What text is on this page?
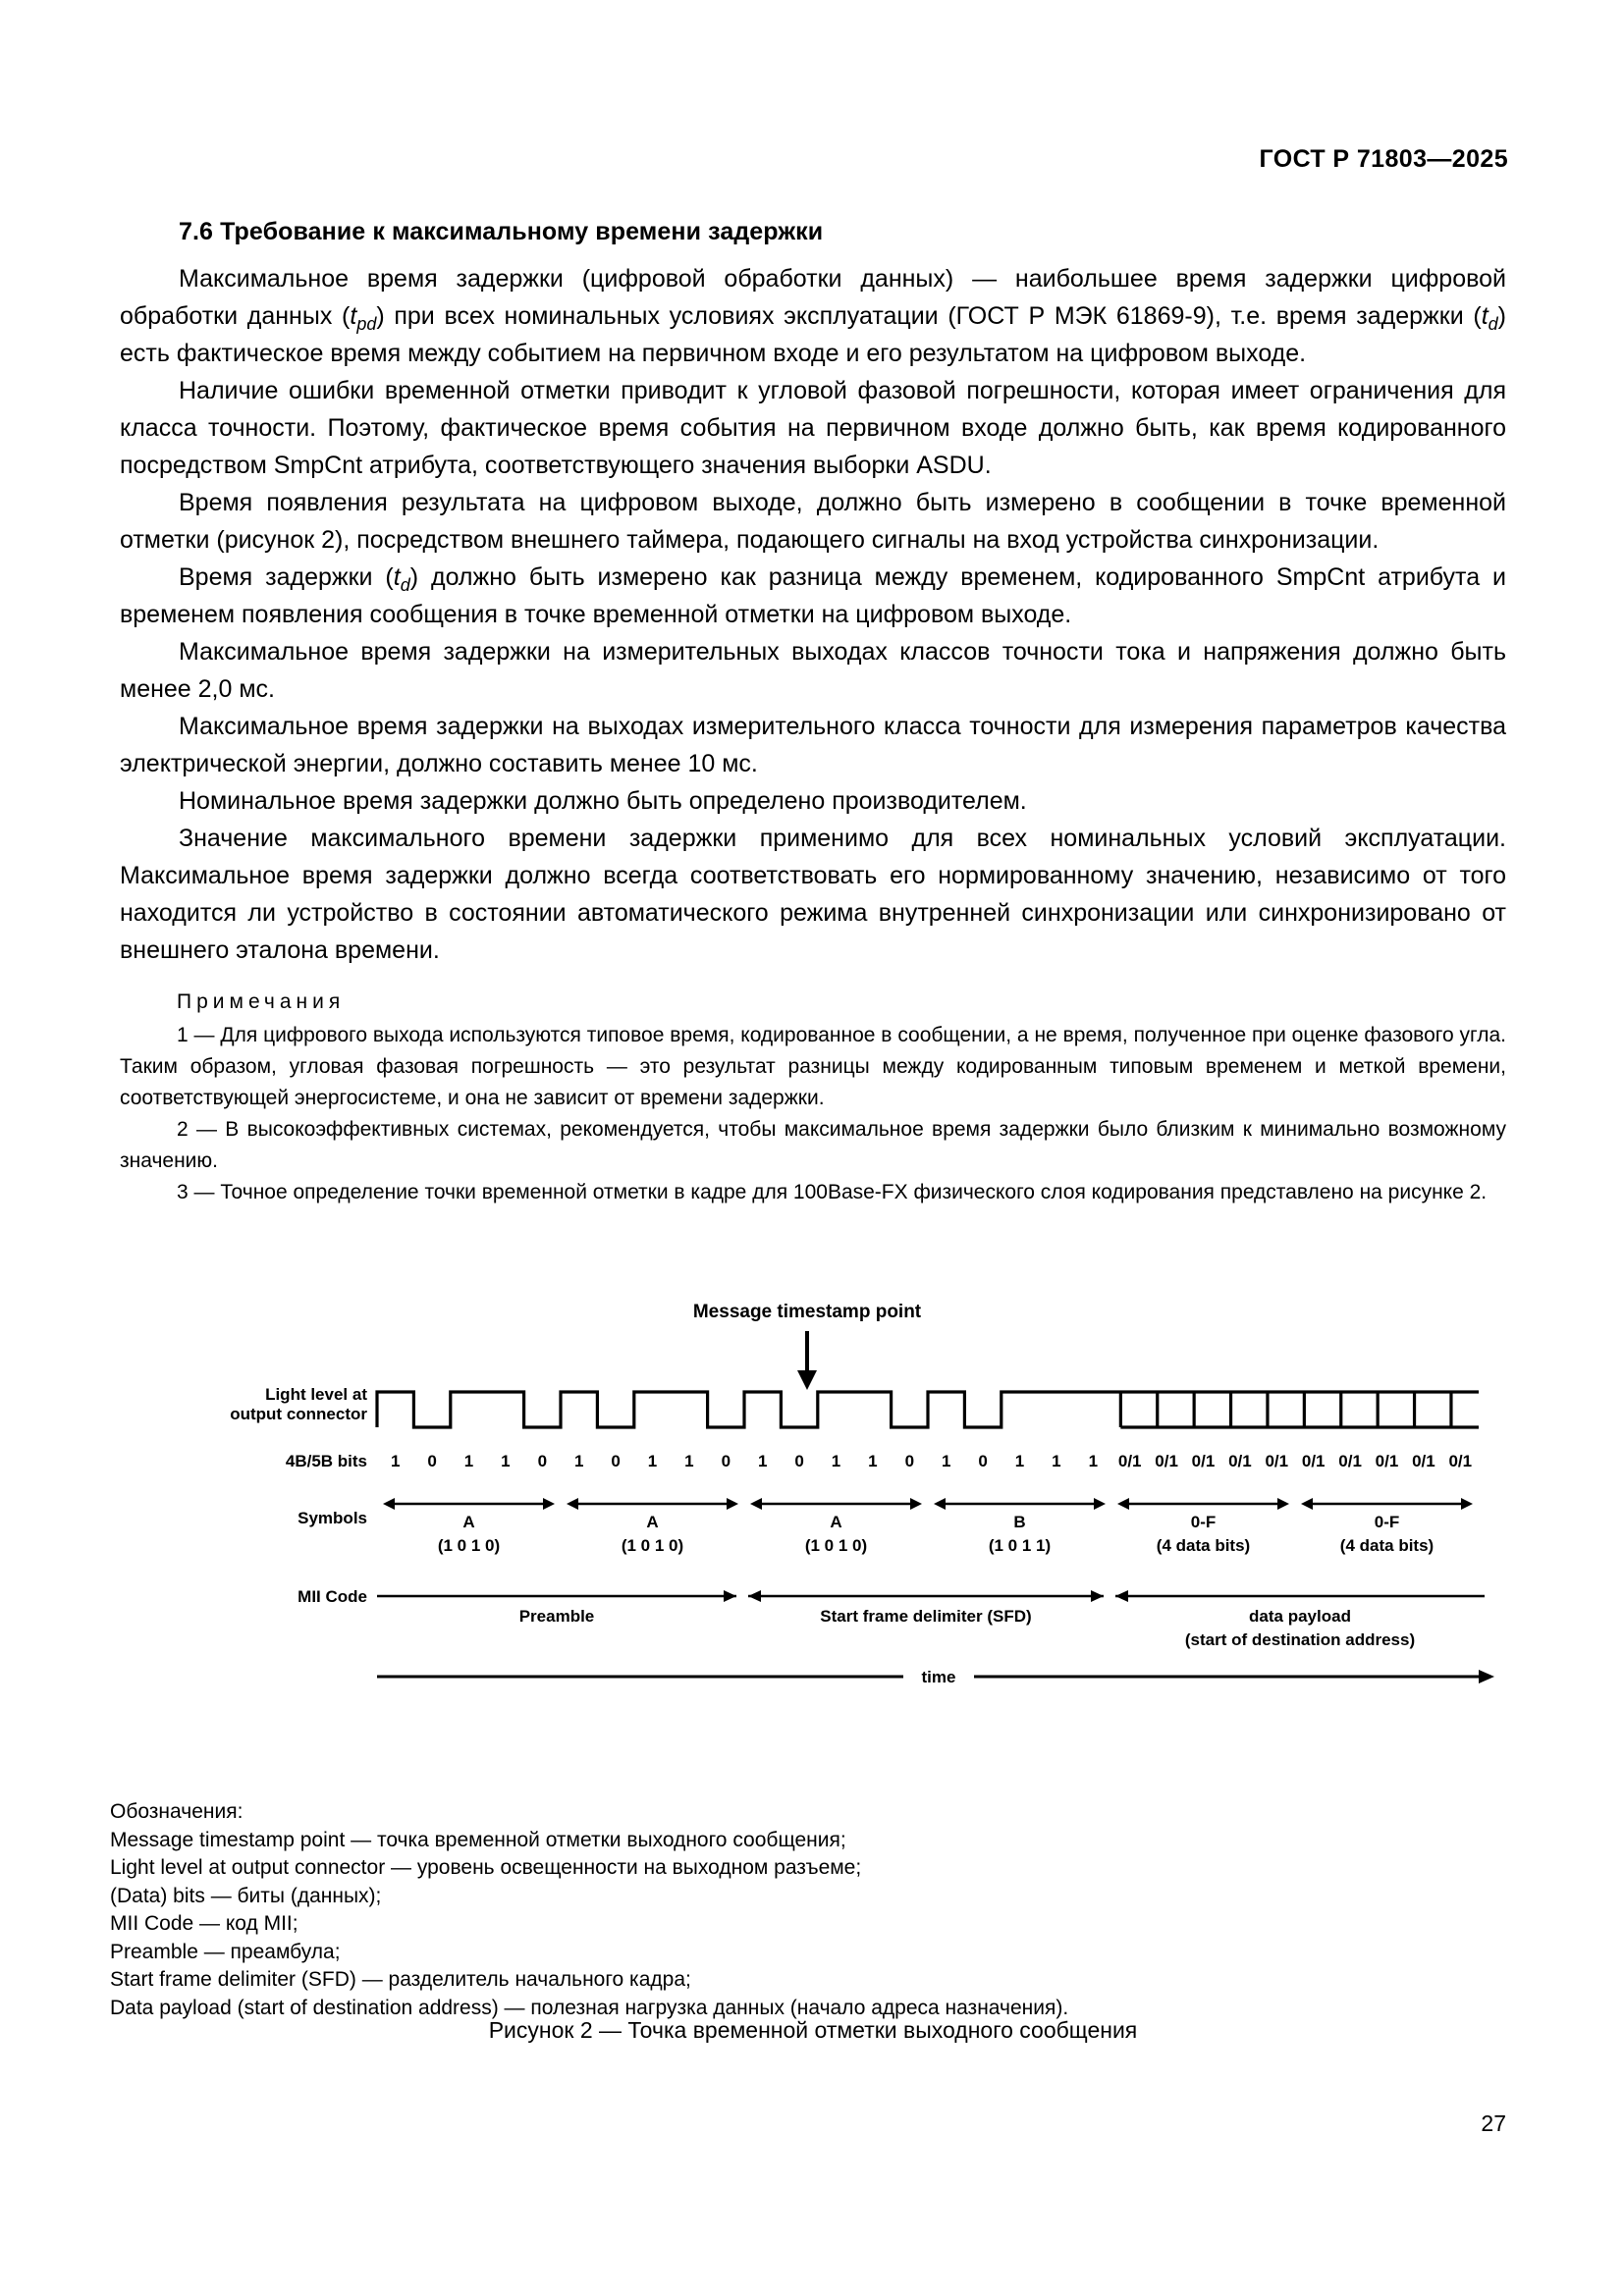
ГОСТ Р 71803—2025
7.6 Требование к максимальному времени задержки

Максимальное время задержки (цифровой обработки данных) — наибольшее время задержки цифровой обработки данных $(t_{pd})$ при всех номинальных условиях эксплуатации (ГОСТ Р МЭК 61869-9), т.е. время задержки $(t_d)$ есть фактическое время между событием на первичном входе и его результатом на цифровом выходе.

Наличие ошибки временной отметки приводит к угловой фазовой погрешности, которая имеет ограничения для класса точности. Поэтому, фактическое время события на первичном входе должно быть, как время кодированного посредством SmpCnt атрибута, соответствующего значения выборки ASDU.

Время появления результата на цифровом выходе, должно быть измерено в сообщении в точке временной отметки (рисунок 2), посредством внешнего таймера, подающего сигналы на вход устройства синхронизации.

Время задержки $(t_d)$ должно быть измерено как разница между временем, кодированного SmpCnt атрибута и временем появления сообщения в точке временной отметки на цифровом выходе.

Максимальное время задержки на измерительных выходах классов точности тока и напряжения должно быть менее 2,0 мс.

Максимальное время задержки на выходах измерительного класса точности для измерения параметров качества электрической энергии, должно составить менее 10 мс.

Номинальное время задержки должно быть определено производителем.

Значение максимального времени задержки применимо для всех номинальных условий эксплуатации. Максимальное время задержки должно всегда соответствовать его нормированному значению, независимо от того находится ли устройство в состоянии автоматического режима внутренней синхронизации или синхронизировано от внешнего эталона времени.

Примечания

1 — Для цифрового выхода используются типовое время, кодированное в сообщении, а не время, полученное при оценке фазового угла. Таким образом, угловая фазовая погрешность — это результат разницы между кодированным типовым временем и меткой времени, соответствующей энергосистеме, и она не зависит от времени задержки.

2 — В высокоэффективных системах, рекомендуется, чтобы максимальное время задержки было близким к минимально возможному значению.

3 — Точное определение точки временной отметки в кадре для 100Base-FX физического слоя кодирования представлено на рисунке 2.

Message timestamp point
Light level at
output connector
4B/5B bits
Symbols
MII Code
1 0 1 1 0 1 0 1 1 0 1 0 1 1 0 1 0 1 1 1 0/1 0/1 0/1 0/1 0/1 0/1 0/1 0/1 0/1 0/1
A
(1 0 1 0)
A
(1 0 1 0)
A
(1 0 1 0)
B
(1 0 1 1)
0-F
(4 data bits)
0-F
(4 data bits)
Preamble	Start frame delimiter (SFD)	data payload
(start of destination address)
time
Обозначения:
Message timestamp point — точка временной отметки выходного сообщения;
Light level at output connector — уровень освещенности на выходном разъеме;
(Data) bits — биты (данных);
MII Code — код MII;
Preamble — преамбула;
Start frame delimiter (SFD) — разделитель начального кадра;
Data payload (start of destination address) — полезная нагрузка данных (начало адреса назначения).
Рисунок 2 — Точка временной отметки выходного сообщения
27
